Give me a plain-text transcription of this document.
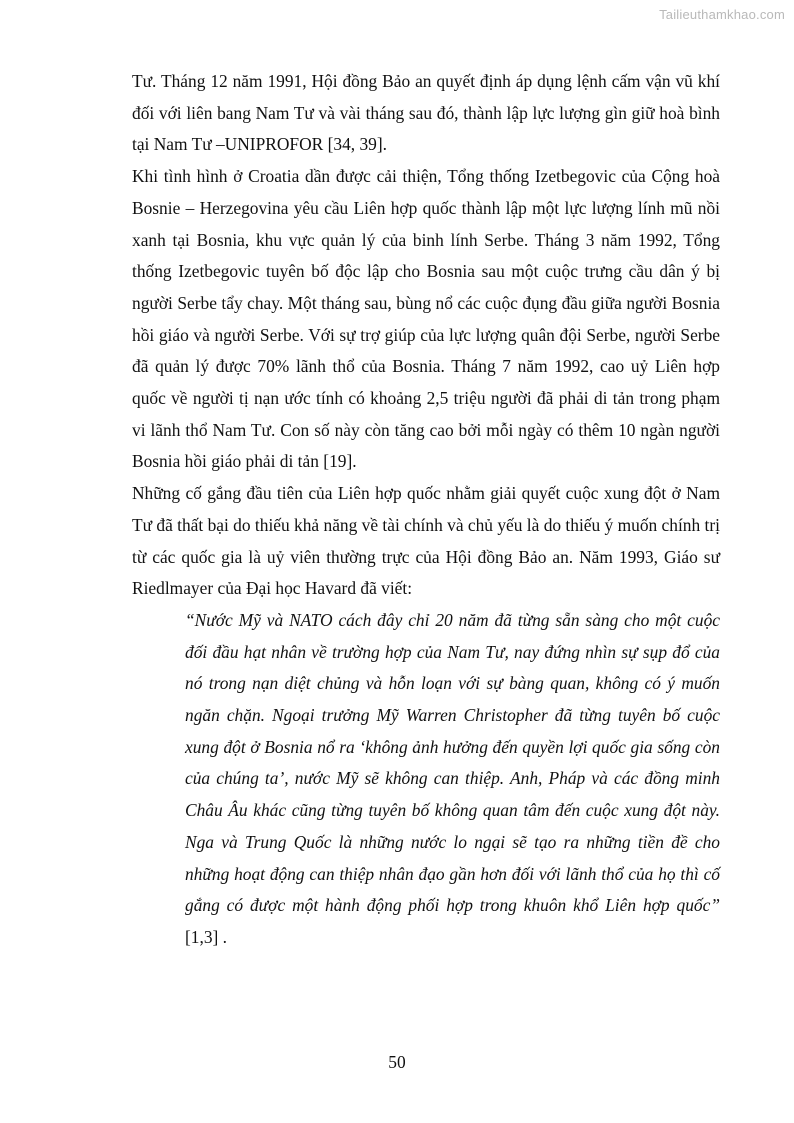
Tailieuthamkhao.com

Tư. Tháng 12 năm 1991, Hội đồng Bảo an quyết định áp dụng lệnh cấm vận vũ khí đối với liên bang Nam Tư và vài tháng sau đó, thành lập lực lượng gìn giữ hoà bình tại Nam Tư –UNIPROFOR [34, 39].

Khi tình hình ở Croatia dần được cải thiện, Tổng thống Izetbegovic của Cộng hoà Bosnie – Herzegovina yêu cầu Liên hợp quốc thành lập một lực lượng lính mũ nồi xanh tại Bosnia, khu vực quản lý của binh lính Serbe. Tháng 3 năm 1992, Tổng thống Izetbegovic tuyên bố độc lập cho Bosnia sau một cuộc trưng cầu dân ý bị người Serbe tẩy chay. Một tháng sau, bùng nổ các cuộc đụng đầu giữa người Bosnia hồi giáo và người Serbe. Với sự trợ giúp của lực lượng quân đội Serbe, người Serbe đã quản lý được 70% lãnh thổ của Bosnia. Tháng 7 năm 1992, cao uỷ Liên hợp quốc về người tị nạn ước tính có khoảng 2,5 triệu người đã phải di tản trong phạm vi lãnh thổ Nam Tư. Con số này còn tăng cao bởi mỗi ngày có thêm 10 ngàn người Bosnia hồi giáo phải di tản [19].

Những cố gắng đầu tiên của Liên hợp quốc nhằm giải quyết cuộc xung đột ở Nam Tư đã thất bại do thiếu khả năng về tài chính và chủ yếu là do thiếu ý muốn chính trị từ các quốc gia là uỷ viên thường trực của Hội đồng Bảo an. Năm 1993, Giáo sư Riedlmayer của Đại học Havard đã viết:

“Nước Mỹ và NATO cách đây chỉ 20 năm đã từng sẵn sàng cho một cuộc đối đầu hạt nhân về trường hợp của Nam Tư, nay đứng nhìn sự sụp đổ của nó trong nạn diệt chủng và hỗn loạn với sự bàng quan, không có ý muốn ngăn chặn. Ngoại trưởng Mỹ Warren Christopher đã từng tuyên bố cuộc xung đột ở Bosnia nổ ra ‘không ảnh hưởng đến quyền lợi quốc gia sống còn của chúng ta’, nước Mỹ sẽ không can thiệp. Anh, Pháp và các đồng minh Châu Âu khác cũng từng tuyên bố không quan tâm đến cuộc xung đột này. Nga và Trung Quốc là những nước lo ngại sẽ tạo ra những tiền đề cho những hoạt động can thiệp nhân đạo gần hơn đối với lãnh thổ của họ thì cố gắng có được một hành động phối hợp trong khuôn khổ Liên hợp quốc” [1,3] .

50
